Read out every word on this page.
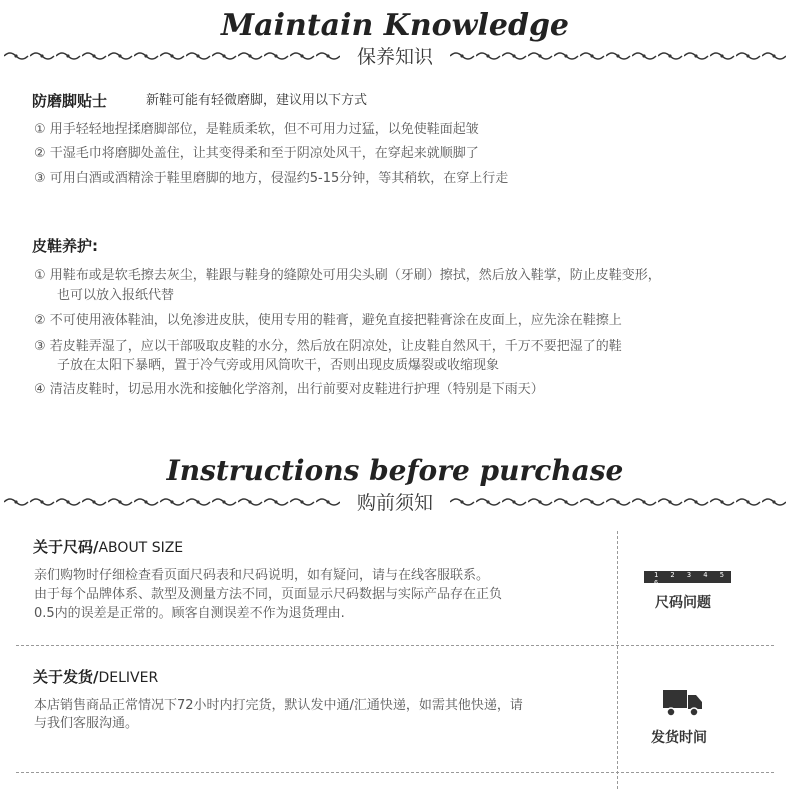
Maintain Knowledge
保养知识
防磨脚贴士	新鞋可能有轻微磨脚，建议用以下方式
① 用手轻轻地捏揉磨脚部位，是鞋质柔软，但不可用力过猛，以免使鞋面起皱
② 干湿毛巾将磨脚处盖住，让其变得柔和至于阴凉处风干，在穿起来就顺脚了
③ 可用白酒或酒精涂于鞋里磨脚的地方，侵湿约5-15分钟，等其稍软，在穿上行走
皮鞋养护:
① 用鞋布或是软毛擦去灰尘，鞋跟与鞋身的缝隙处可用尖头刷（牙刷）擦拭，然后放入鞋掌，防止皮鞋变形，
也可以放入报纸代替
② 不可使用液体鞋油，以免渗进皮肤，使用专用的鞋膏，避免直接把鞋膏涂在皮面上，应先涂在鞋擦上
③ 若皮鞋弄湿了，应以干部吸取皮鞋的水分，然后放在阴凉处，让皮鞋自然风干，千万不要把湿了的鞋
子放在太阳下暴晒，置于冷气旁或用风筒吹干，否则出现皮质爆裂或收缩现象
④ 清洁皮鞋时，切忌用水洗和接触化学溶剂，出行前要对皮鞋进行护理（特别是下雨天）
Instructions before purchase
购前须知
关于尺码/ABOUT SIZE
亲们购物时仔细检查看页面尺码表和尺码说明，如有疑问，请与在线客服联系。
由于每个品牌体系、款型及测量方法不同，页面显示尺码数据与实际产品存在正负
0.5内的误差是正常的。顾客自测误差不作为退货理由.
1 2 3 4 5 6
尺码问题
关于发货/DELIVER
本店销售商品正常情况下72小时内打完货，默认发中通/汇通快递，如需其他快递，请
与我们客服沟通。
发货时间
